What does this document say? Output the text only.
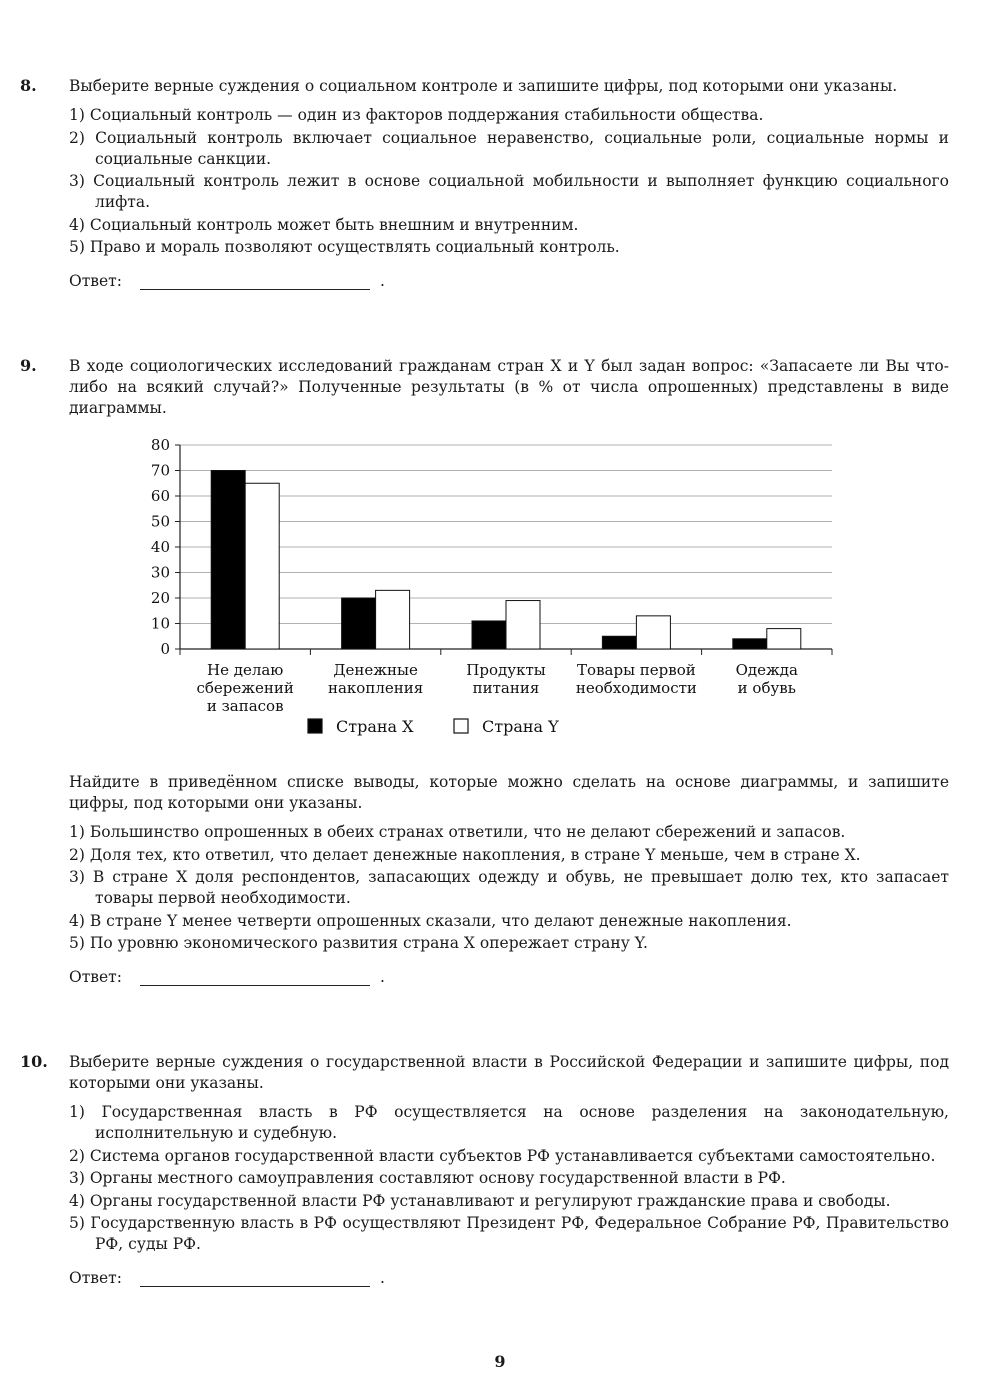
8. Выберите верные суждения о социальном контроле и запишите цифры, под которыми они указаны.

1) Социальный контроль — один из факторов поддержания стабильности общества.
2) Социальный контроль включает социальное неравенство, социальные роли, социальные нормы и социальные санкции.
3) Социальный контроль лежит в основе социальной мобильности и выполняет функцию социального лифта.
4) Социальный контроль может быть внешним и внутренним.
5) Право и мораль позволяют осуществлять социальный контроль.
Ответ:	.
9. В ходе социологических исследований гражданам стран X и Y был задан вопрос: «Запасаете ли Вы что-либо на всякий случай?» Полученные результаты (в % от числа опрошенных) представлены в виде диаграммы.

0
10
20
30
40
50
60
70
80
Не делаю
сбережений
и запасов
Денежные
накопления
Продукты
питания
Товары первой
необходимости
Одежда
и обувь
Страна X	Страна Y

Найдите в приведённом списке выводы, которые можно сделать на основе диаграммы, и запишите цифры, под которыми они указаны.

1) Большинство опрошенных в обеих странах ответили, что не делают сбережений и запасов.
2) Доля тех, кто ответил, что делает денежные накопления, в стране Y меньше, чем в стране X.
3) В стране X доля респондентов, запасающих одежду и обувь, не превышает долю тех, кто запасает товары первой необходимости.
4) В стране Y менее четверти опрошенных сказали, что делают денежные накопления.
5) По уровню экономического развития страна X опережает страну Y.
Ответ:	.
10. Выберите верные суждения о государственной власти в Российской Федерации и запишите цифры, под которыми они указаны.

1) Государственная власть в РФ осуществляется на основе разделения на законодательную, исполнительную и судебную.
2) Система органов государственной власти субъектов РФ устанавливается субъектами самостоятельно.
3) Органы местного самоуправления составляют основу государственной власти в РФ.
4) Органы государственной власти РФ устанавливают и регулируют гражданские права и свободы.
5) Государственную власть в РФ осуществляют Президент РФ, Федеральное Собрание РФ, Правительство РФ, суды РФ.
Ответ:	.
9
